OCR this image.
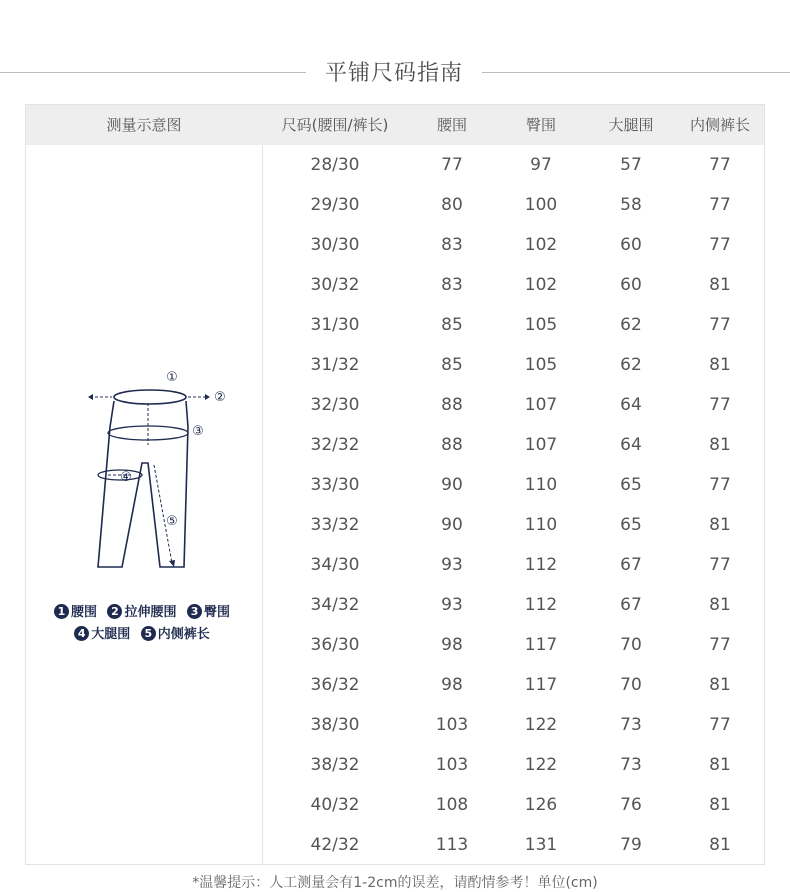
平铺尺码指南
测量示意图	尺码(腰围/裤长)	腰围	臀围	大腿围	内侧裤长
①
②
③
④
⑤
1 腰围 2 拉伸腰围 3 臀围
4 大腿围 5 内侧裤长
28/30	77	97	57	77
29/30	80	100	58	77
30/30	83	102	60	77
30/32	83	102	60	81
31/30	85	105	62	77
31/32	85	105	62	81
32/30	88	107	64	77
32/32	88	107	64	81
33/30	90	110	65	77
33/32	90	110	65	81
34/30	93	112	67	77
34/32	93	112	67	81
36/30	98	117	70	77
36/32	98	117	70	81
38/30	103	122	73	77
38/32	103	122	73	81
40/32	108	126	76	81
42/32	113	131	79	81
*温馨提示：人工测量会有1-2cm的误差，请酌情参考！单位(cm)
